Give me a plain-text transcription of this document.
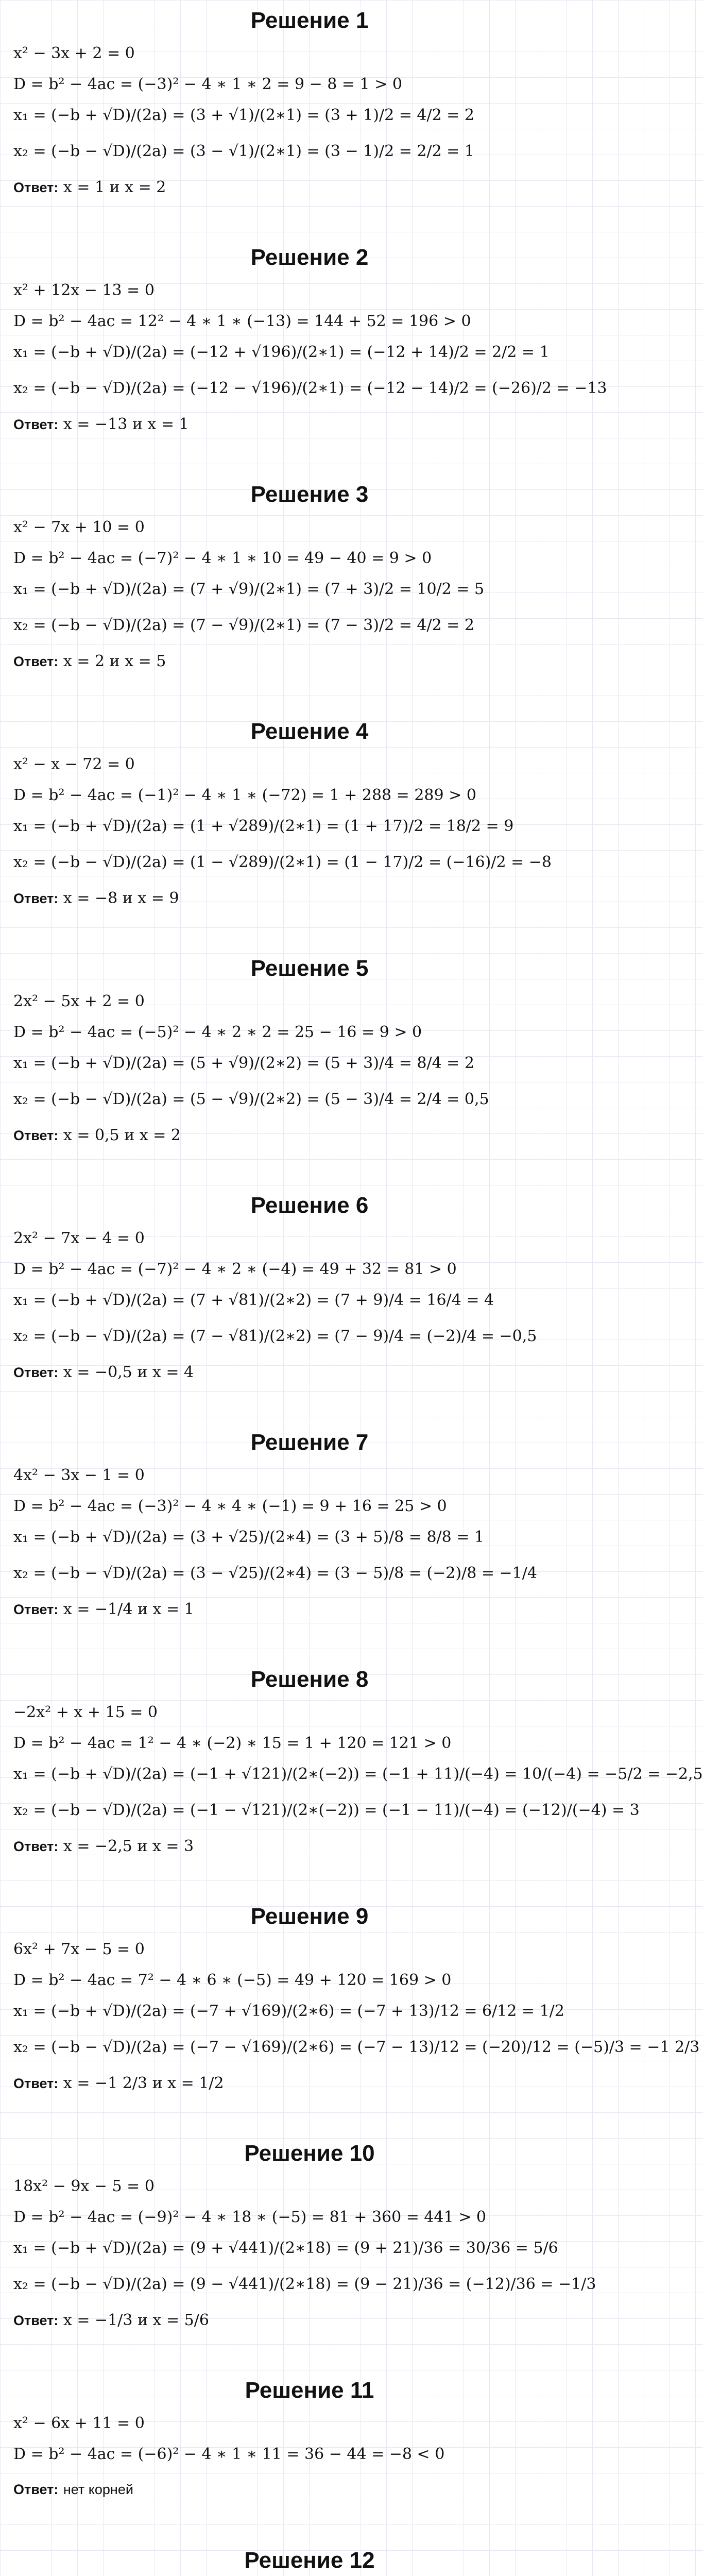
Решение 1
x² − 3x + 2 = 0
D = b² − 4ac = (−3)² − 4 ∗ 1 ∗ 2 = 9 − 8 = 1 > 0
x₁ = (−b + √D)/(2a) = (3 + √1)/(2∗1) = (3 + 1)/2 = 4/2 = 2
x₂ = (−b − √D)/(2a) = (3 − √1)/(2∗1) = (3 − 1)/2 = 2/2 = 1
Ответ: x = 1 и x = 2
Решение 2
x² + 12x − 13 = 0
D = b² − 4ac = 12² − 4 ∗ 1 ∗ (−13) = 144 + 52 = 196 > 0
x₁ = (−b + √D)/(2a) = (−12 + √196)/(2∗1) = (−12 + 14)/2 = 2/2 = 1
x₂ = (−b − √D)/(2a) = (−12 − √196)/(2∗1) = (−12 − 14)/2 = (−26)/2 = −13
Ответ: x = −13 и x = 1
Решение 3
x² − 7x + 10 = 0
D = b² − 4ac = (−7)² − 4 ∗ 1 ∗ 10 = 49 − 40 = 9 > 0
x₁ = (−b + √D)/(2a) = (7 + √9)/(2∗1) = (7 + 3)/2 = 10/2 = 5
x₂ = (−b − √D)/(2a) = (7 − √9)/(2∗1) = (7 − 3)/2 = 4/2 = 2
Ответ: x = 2 и x = 5
Решение 4
x² − x − 72 = 0
D = b² − 4ac = (−1)² − 4 ∗ 1 ∗ (−72) = 1 + 288 = 289 > 0
x₁ = (−b + √D)/(2a) = (1 + √289)/(2∗1) = (1 + 17)/2 = 18/2 = 9
x₂ = (−b − √D)/(2a) = (1 − √289)/(2∗1) = (1 − 17)/2 = (−16)/2 = −8
Ответ: x = −8 и x = 9
Решение 5
2x² − 5x + 2 = 0
D = b² − 4ac = (−5)² − 4 ∗ 2 ∗ 2 = 25 − 16 = 9 > 0
x₁ = (−b + √D)/(2a) = (5 + √9)/(2∗2) = (5 + 3)/4 = 8/4 = 2
x₂ = (−b − √D)/(2a) = (5 − √9)/(2∗2) = (5 − 3)/4 = 2/4 = 0,5
Ответ: x = 0,5 и x = 2
Решение 6
2x² − 7x − 4 = 0
D = b² − 4ac = (−7)² − 4 ∗ 2 ∗ (−4) = 49 + 32 = 81 > 0
x₁ = (−b + √D)/(2a) = (7 + √81)/(2∗2) = (7 + 9)/4 = 16/4 = 4
x₂ = (−b − √D)/(2a) = (7 − √81)/(2∗2) = (7 − 9)/4 = (−2)/4 = −0,5
Ответ: x = −0,5 и x = 4
Решение 7
4x² − 3x − 1 = 0
D = b² − 4ac = (−3)² − 4 ∗ 4 ∗ (−1) = 9 + 16 = 25 > 0
x₁ = (−b + √D)/(2a) = (3 + √25)/(2∗4) = (3 + 5)/8 = 8/8 = 1
x₂ = (−b − √D)/(2a) = (3 − √25)/(2∗4) = (3 − 5)/8 = (−2)/8 = −1/4
Ответ: x = −1/4 и x = 1
Решение 8
−2x² + x + 15 = 0
D = b² − 4ac = 1² − 4 ∗ (−2) ∗ 15 = 1 + 120 = 121 > 0
x₁ = (−b + √D)/(2a) = (−1 + √121)/(2∗(−2)) = (−1 + 11)/(−4) = 10/(−4) = −5/2 = −2,5
x₂ = (−b − √D)/(2a) = (−1 − √121)/(2∗(−2)) = (−1 − 11)/(−4) = (−12)/(−4) = 3
Ответ: x = −2,5 и x = 3
Решение 9
6x² + 7x − 5 = 0
D = b² − 4ac = 7² − 4 ∗ 6 ∗ (−5) = 49 + 120 = 169 > 0
x₁ = (−b + √D)/(2a) = (−7 + √169)/(2∗6) = (−7 + 13)/12 = 6/12 = 1/2
x₂ = (−b − √D)/(2a) = (−7 − √169)/(2∗6) = (−7 − 13)/12 = (−20)/12 = (−5)/3 = −1 2/3
Ответ: x = −1 2/3 и x = 1/2
Решение 10
18x² − 9x − 5 = 0
D = b² − 4ac = (−9)² − 4 ∗ 18 ∗ (−5) = 81 + 360 = 441 > 0
x₁ = (−b + √D)/(2a) = (9 + √441)/(2∗18) = (9 + 21)/36 = 30/36 = 5/6
x₂ = (−b − √D)/(2a) = (9 − √441)/(2∗18) = (9 − 21)/36 = (−12)/36 = −1/3
Ответ: x = −1/3 и x = 5/6
Решение 11
x² − 6x + 11 = 0
D = b² − 4ac = (−6)² − 4 ∗ 1 ∗ 11 = 36 − 44 = −8 < 0
Ответ: нет корней
Решение 12
